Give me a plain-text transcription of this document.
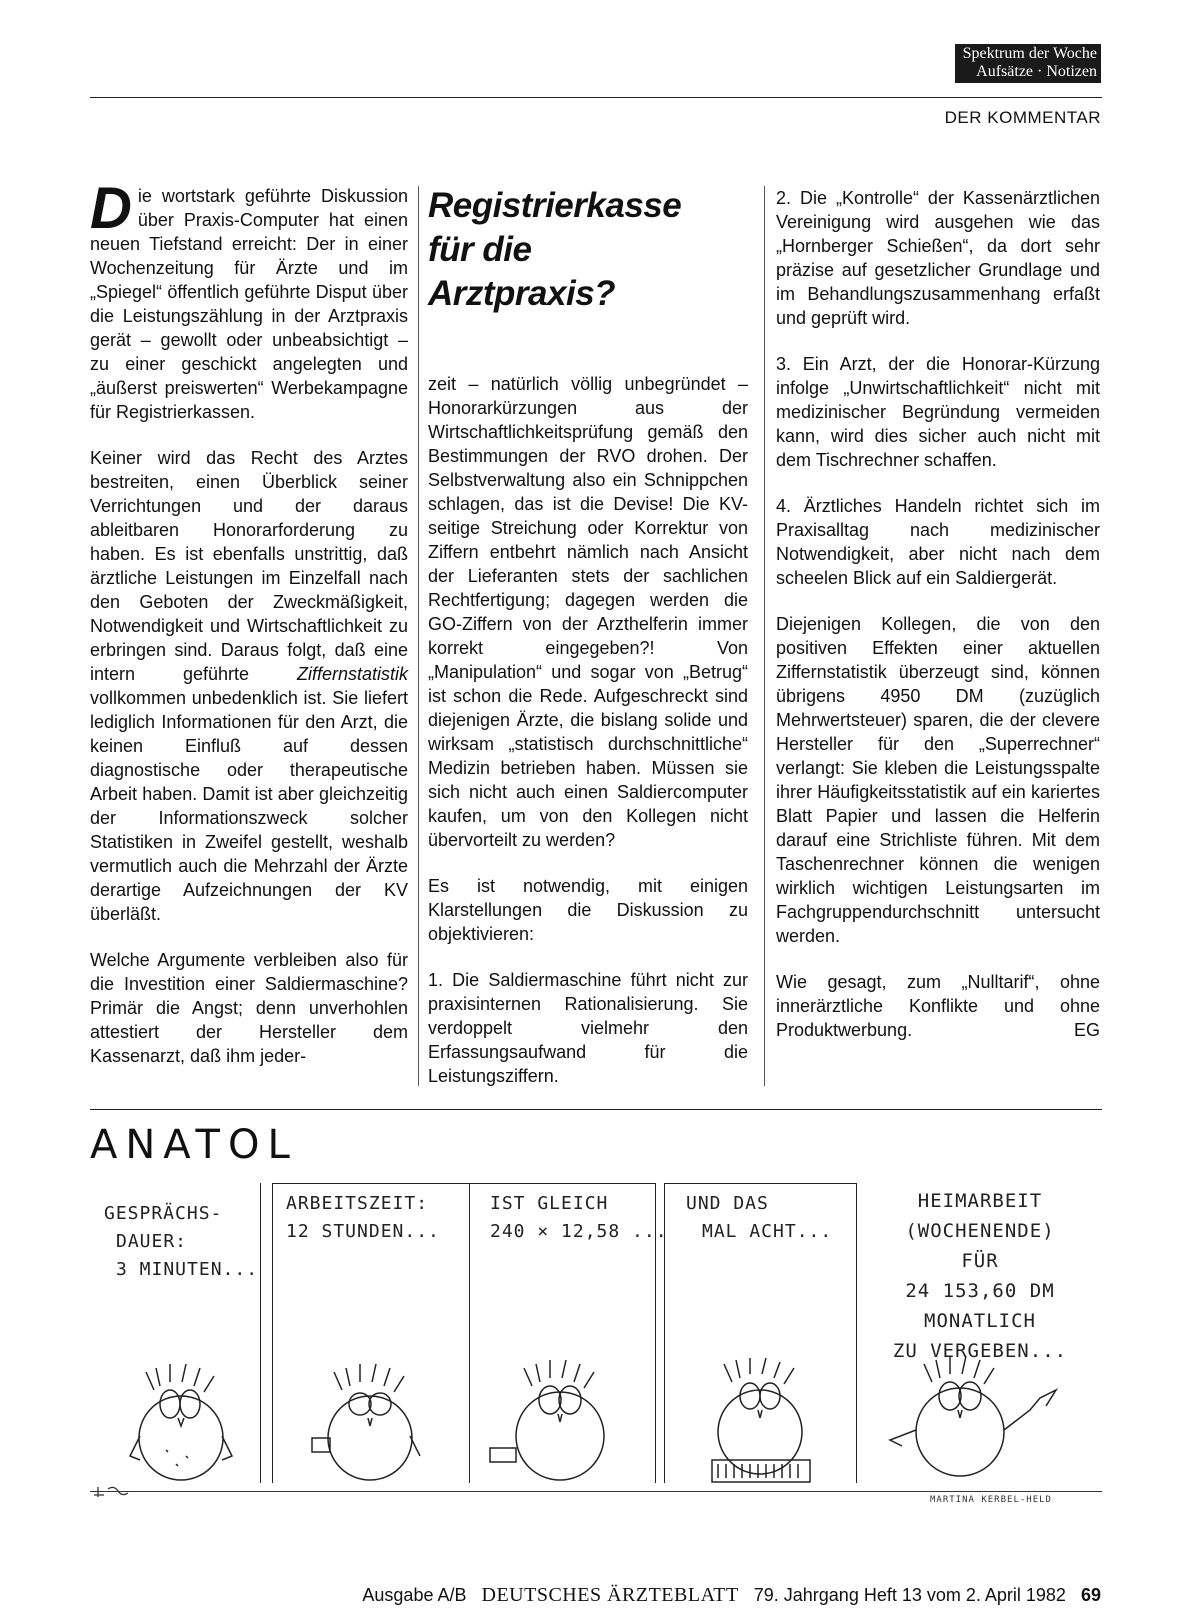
Spektrum der Woche
Aufsätze · Notizen
DER KOMMENTAR

Die wortstark geführte Diskussion über Praxis-Computer hat einen neuen Tiefstand erreicht: Der in einer Wochenzeitung für Ärzte und im „Spiegel“ öffentlich geführte Disput über die Leistungszählung in der Arztpraxis gerät – gewollt oder unbeabsichtigt – zu einer geschickt angelegten und „äußerst preiswerten“ Werbekampagne für Registrierkassen.

Keiner wird das Recht des Arztes bestreiten, einen Überblick seiner Verrichtungen und der daraus ableitbaren Honorarforderung zu haben. Es ist ebenfalls unstrittig, daß ärztliche Leistungen im Einzelfall nach den Geboten der Zweckmäßigkeit, Notwendigkeit und Wirtschaftlichkeit zu erbringen sind. Daraus folgt, daß eine intern geführte	Ziffernstatistik vollkommen unbedenklich ist. Sie liefert lediglich Informationen für den Arzt, die keinen Einfluß auf dessen diagnostische oder therapeutische Arbeit haben. Damit ist aber gleichzeitig der Informationszweck solcher Statistiken in Zweifel gestellt, weshalb vermutlich auch die Mehrzahl der Ärzte derartige Aufzeichnungen der KV überläßt.

Welche Argumente verbleiben also für die Investition einer Saldiermaschine? Primär die Angst; denn unverhohlen attestiert der Hersteller dem Kassenarzt, daß ihm jeder-

Registrierkasse
für die
Arztpraxis?

zeit – natürlich völlig unbegründet – Honorarkürzungen aus der Wirtschaftlichkeitsprüfung gemäß den Bestimmungen der RVO drohen. Der Selbstverwaltung also ein Schnippchen schlagen, das ist die Devise! Die KV-seitige Streichung oder Korrektur von Ziffern entbehrt nämlich nach Ansicht der Lieferanten stets der sachlichen Rechtfertigung; dagegen werden die GO-Ziffern von der Arzthelferin immer korrekt eingegeben?! Von „Manipulation“ und sogar von „Betrug“ ist schon die Rede. Aufgeschreckt sind diejenigen Ärzte, die bislang solide und wirksam „statistisch durchschnittliche“ Medizin betrieben haben. Müssen sie sich nicht auch einen Saldiercomputer kaufen, um von den Kollegen nicht übervorteilt zu werden?

Es ist notwendig, mit einigen Klarstellungen die Diskussion zu objektivieren:

1. Die Saldiermaschine führt nicht zur praxisinternen Rationalisierung. Sie verdoppelt vielmehr den Erfassungsaufwand für die Leistungsziffern.

2. Die „Kontrolle“ der Kassenärztlichen Vereinigung wird ausgehen wie das „Hornberger Schießen“, da dort sehr präzise auf gesetzlicher Grundlage und im Behandlungszusammenhang erfaßt und geprüft wird.

3. Ein Arzt, der die Honorar-Kürzung infolge „Unwirtschaftlichkeit“ nicht mit medizinischer Begründung vermeiden kann, wird dies sicher auch nicht mit dem Tischrechner schaffen.

4. Ärztliches Handeln richtet sich im Praxisalltag nach medizinischer Notwendigkeit, aber nicht nach dem scheelen Blick auf ein Saldiergerät.

Diejenigen Kollegen, die von den positiven Effekten einer aktuellen Ziffernstatistik überzeugt sind, können übrigens 4950 DM (zuzüglich Mehrwertsteuer) sparen, die der clevere Hersteller für den „Superrechner“ verlangt: Sie kleben die Leistungsspalte ihrer Häufigkeitsstatistik auf ein kariertes Blatt Papier und lassen die Helferin darauf eine Strichliste führen. Mit dem Taschenrechner können die wenigen wirklich wichtigen Leistungsarten im Fachgruppendurchschnitt untersucht werden.

Wie gesagt, zum „Nulltarif“, ohne innerärztliche Konflikte und ohne Produktwerbung.	EG

ANATOL
GESPRÄCHS-
DAUER:
3 MINUTEN...
ARBEITSZEIT:
12 STUNDEN...
IST GLEICH
240 × 12,58 ...
UND DAS
MAL ACHT...
HEIMARBEIT
(WOCHENENDE)
FÜR
24 153,60 DM
MONATLICH
ZU VERGEBEN...
MARTINA KERBEL-HELD
Ausgabe A/B DEUTSCHES ÄRZTEBLATT 79. Jahrgang Heft 13 vom 2. April 1982 69
